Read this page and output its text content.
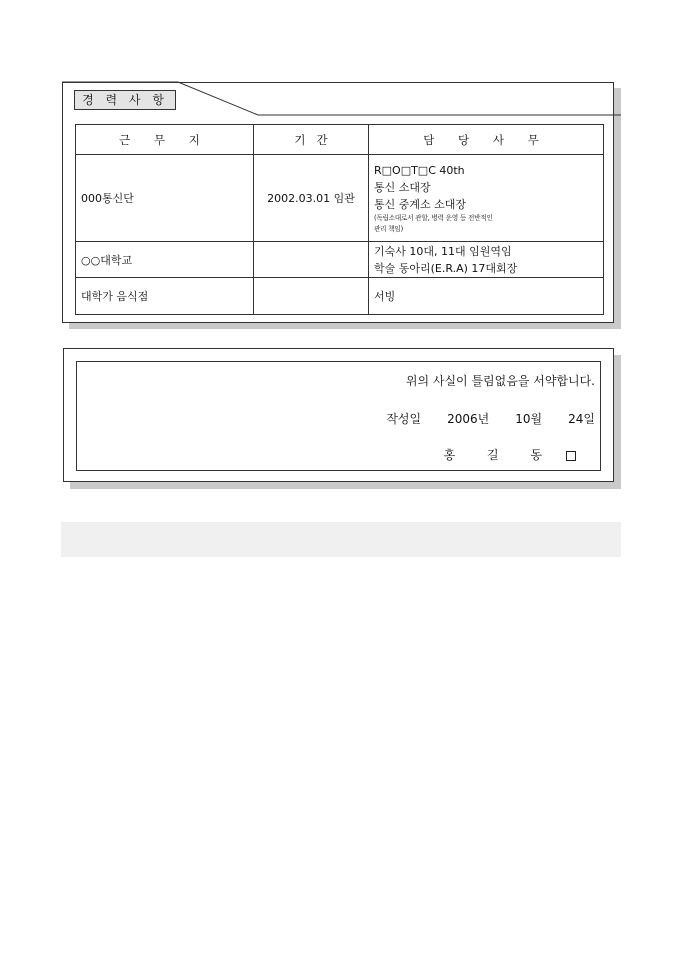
경 력 사 항
근 무 지	기   간	담 당 사 무
000통신단	2002.03.01 임관	R□O□T□C 40th
통신 소대장
통신 중계소 소대장
(독립소대로서 관할, 병력 운영 등 전반적인
관리 책임)

○○대학교		기숙사 10대, 11대 임원역임
학술 동아리(E.R.A) 17대회장

대학가 음식점		서빙
위의 사실이 틀림없음을 서약합니다.
작성일 2006년 10월 24일
홍 길 동
